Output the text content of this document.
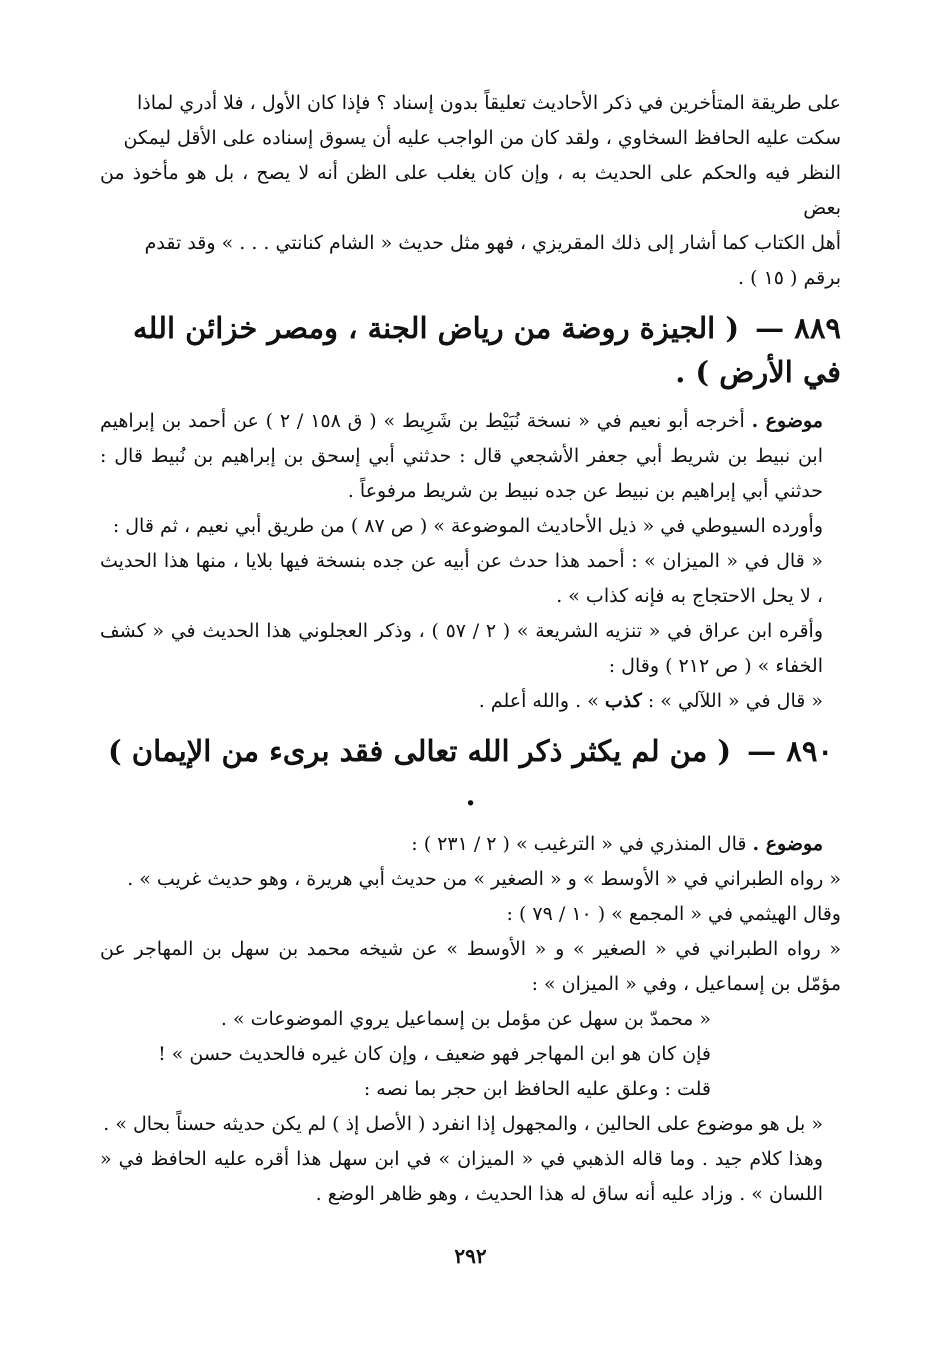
على طريقة المتأخرين في ذكر الأحاديث تعليقاً بدون إسناد ؟ فإذا كان الأول ، فلا أدري لماذا
سكت عليه الحافظ السخاوي ، ولقد كان من الواجب عليه أن يسوق إسناده على الأقل ليمكن
النظر فيه والحكم على الحديث به ، وإن كان يغلب على الظن أنه لا يصح ، بل هو مأخوذ من بعض
أهل الكتاب كما أشار إلى ذلك المقريزي ، فهو مثل حديث « الشام كنانتي . . . » وقد تقدم
برقم ( ١٥ ) .
٨٨٩ — ( الجيزة روضة من رياض الجنة ، ومصر خزائن الله في الأرض ) .

موضوع . أخرجه أبو نعيم في « نسخة نُبَيْط بن شَرِيط » ( ق ١٥٨ / ٢ ) عن أحمد بن إبراهيم ابن نبيط بن شريط أبي جعفر الأشجعي قال : حدثني أبي إسحق بن إبراهيم بن نُبيط قال : حدثني أبي إبراهيم بن نبيط عن جده نبيط بن شريط مرفوعاً .

وأورده السيوطي في « ذيل الأحاديث الموضوعة » ( ص ٨٧ ) من طريق أبي نعيم ، ثم قال :

« قال في « الميزان » : أحمد هذا حدث عن أبيه عن جده بنسخة فيها بلايا ، منها هذا الحديث ، لا يحل الاحتجاج به فإنه كذاب » .

وأقره ابن عراق في « تنزيه الشريعة » ( ٢ / ٥٧ ) ، وذكر العجلوني هذا الحديث في « كشف الخفاء » ( ص ٢١٢ ) وقال :

« قال في « اللآلي » : كذب » . والله أعلم .

٨٩٠ — ( من لم يكثر ذكر الله تعالى فقد برىء من الإيمان ) .

موضوع . قال المنذري في « الترغيب » ( ٢ / ٢٣١ ) :

« رواه الطبراني في « الأوسط » و « الصغير » من حديث أبي هريرة ، وهو حديث غريب » .

وقال الهيثمي في « المجمع » ( ١٠ / ٧٩ ) :

« رواه الطبراني في « الصغير » و « الأوسط » عن شيخه محمد بن سهل بن المهاجر عن مؤمّل بن إسماعيل ، وفي « الميزان » :

« محمدّ بن سهل عن مؤمل بن إسماعيل يروي الموضوعات » .

فإن كان هو ابن المهاجر فهو ضعيف ، وإن كان غيره فالحديث حسن » !

قلت : وعلق عليه الحافظ ابن حجر بما نصه :

« بل هو موضوع على الحالين ، والمجهول إذا انفرد ( الأصل إذ ) لم يكن حديثه حسناً بحال » .

وهذا كلام جيد . وما قاله الذهبي في « الميزان » في ابن سهل هذا أقره عليه الحافظ في « اللسان » . وزاد عليه أنه ساق له هذا الحديث ، وهو ظاهر الوضع .

٢٩٢
